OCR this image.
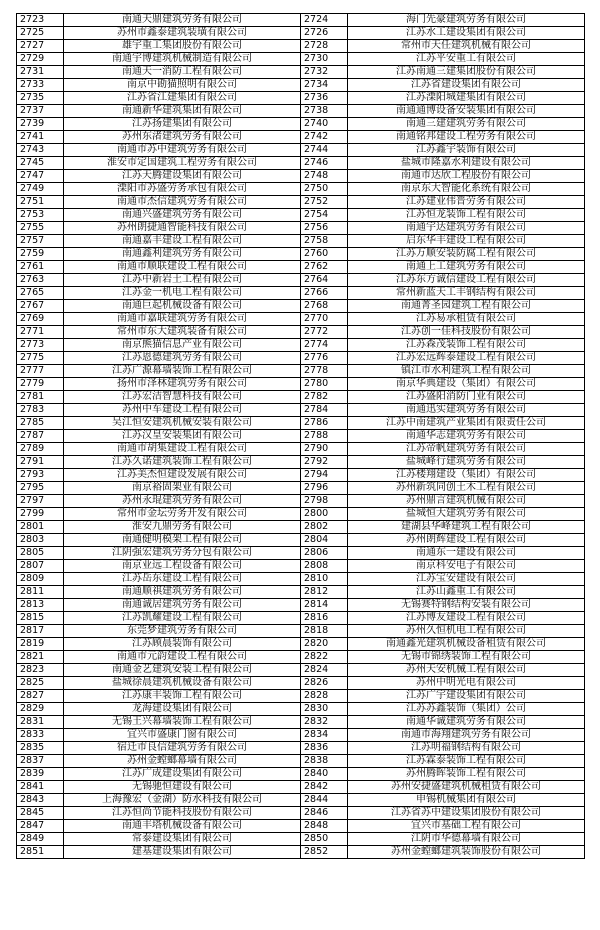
2723	南通天鼎建筑劳务有限公司	2724	海门先豪建筑劳务有限公司
2725	苏州市鑫泰建筑装璜有限公司	2726	江苏水工建设集团有限公司
2727	雄宇重工集团股份有限公司	2728	常州市天任建筑机械有限公司
2729	南通宇博建筑机械制造有限公司	2730	江苏平安重工有限公司
2731	南通天一消防工程有限公司	2732	江苏南通三建集团股份有限公司
2733	南京中勘猫照明有限公司	2734	江苏省建设集团有限公司
2735	江苏省江建集团有限公司	2736	江苏溧阳城建集团有限公司
2737	南通新华建筑集团有限公司	2738	南通通博设备安装集团有限公司
2739	江苏扬建集团有限公司	2740	南通三建建筑劳务有限公司
2741	苏州东渚建筑劳务有限公司	2742	南通铭邦建设工程劳务有限公司
2743	南通市苏中建筑劳务有限公司	2744	江苏鑫宇装饰有限公司
2745	淮安市定国建筑工程劳务有限公司	2746	盐城市隆嘉水利建设有限公司
2747	江苏天腾建设集团有限公司	2748	南通市达欣工程股份有限公司
2749	溧阳市苏盛劳务承包有限公司	2750	南京东大智能化系统有限公司
2751	南通市杰信建筑劳务有限公司	2752	江苏建业伟晋劳务有限公司
2753	南通兴盛建筑劳务有限公司	2754	江苏恒龙装饰工程有限公司
2755	苏州朗捷通智能科技有限公司	2756	南通宇达建筑劳务有限公司
2757	南通嘉丰建设工程有限公司	2758	启东华丰建设工程有限公司
2759	南通鑫利建筑劳务有限公司	2760	江苏万顺安装防腐工程有限公司
2761	南通市顺联建设工程有限公司	2762	南通上工建筑劳务有限公司
2763	江苏中新岩土工程有限公司	2764	江苏东方诚信建设工程有限公司
2765	江苏金一机电工程有限公司	2766	常州新蓝天工丰钢结构有限公司
2767	南通巨起机械设备有限公司	2768	南通菁圣园建筑工程有限公司
2769	南通市嘉联建筑劳务有限公司	2770	江苏易承租赁有限公司
2771	常州市东大建筑装备有限公司	2772	江苏创一佳科技股份有限公司
2773	南京熊猫信息产业有限公司	2774	江苏森茂装饰工程有限公司
2775	江苏恩德建筑劳务有限公司	2776	江苏宏远辉泰建设工程有限公司
2777	江苏广源幕墙装饰工程有限公司	2778	镇江市水利建筑工程有限公司
2779	扬州市泽林建筑劳务有限公司	2780	南京华典建设（集团）有限公司
2781	江苏宏洁智慧科技有限公司	2782	江苏盛阳消防门业有限公司
2783	苏州中车建设工程有限公司	2784	南通迅实建筑劳务有限公司
2785	吴江恒安建筑机械安装有限公司	2786	江苏中南建筑产业集团有限责任公司
2787	江苏汉皇安装集团有限公司	2788	南通华志建筑劳务有限公司
2789	南通市胡集建设工程有限公司	2790	江苏帝帆建筑劳务有限公司
2791	江苏久诺建筑装饰工程有限公司	2792	盐城峰行建筑劳务有限公司
2793	江苏美杰恒建设发展有限公司	2794	江苏楼翔建设（集团）有限公司
2795	南京裕固架业有限公司	2796	苏州新筑同创土木工程有限公司
2797	苏州永琨建筑劳务有限公司	2798	苏州鼎言建筑机械有限公司
2799	常州市金坛劳务开发有限公司	2800	盐城恒大建筑劳务有限公司
2801	淮安九鼎劳务有限公司	2802	建湖县华峰建筑工程有限公司
2803	南通健明模架工程有限公司	2804	苏州朗辉建设工程有限公司
2805	江阴强宏建筑劳务分包有限公司	2806	南通东一建设有限公司
2807	南京业远工程设备有限公司	2808	南京科安电子有限公司
2809	江苏岳东建设工程有限公司	2810	江苏宝安建设有限公司
2811	南通顺祺建筑劳务有限公司	2812	江苏山鑫重工有限公司
2813	南通诚居建筑劳务有限公司	2814	无锡赛特钢结构安装有限公司
2815	江苏凯耀建设工程有限公司	2816	江苏博友建设工程有限公司
2817	东莞梦建筑劳务有限公司	2818	苏州久恒机电工程有限公司
2819	江苏顾晨装饰有限公司	2820	南通鑫光建筑机械设备租赁有限公司
2821	南通市元韵建设工程有限公司	2822	无锡市锦绣装饰工程有限公司
2823	南通金艺建筑安装工程有限公司	2824	苏州天安机械工程有限公司
2825	盐城徐晨建筑机械设备有限公司	2826	苏州中明光电有限公司
2827	江苏康丰装饰工程有限公司	2828	江苏广宇建设集团有限公司
2829	龙海建设集团有限公司	2830	江苏苏鑫装饰（集团）公司
2831	无锡王兴幕墙装饰工程有限公司	2832	南通华诚建筑劳务有限公司
2833	宜兴市盛康门窗有限公司	2834	南通市海翔建筑劳务有限公司
2835	宿迁市良信建筑劳务有限公司	2836	江苏明福钢结构有限公司
2837	苏州金螳螂幕墙有限公司	2838	江苏霖泰装饰工程有限公司
2839	江苏广成建设集团有限公司	2840	苏州腾晖装饰工程有限公司
2841	无锡驰恒建设有限公司	2842	苏州安捷盛建筑机械租赁有限公司
2843	上海豫宏（金湖）防水科技有限公司	2844	申锡机械集团有限公司
2845	江苏恒尚节能科技股份有限公司	2846	江苏省苏中建设集团股份有限公司
2847	南通丰塔机械设备有限公司	2848	宜兴市基础工程有限公司
2849	常泰建设集团有限公司	2850	江阴市华德幕墙有限公司
2851	建基建设集团有限公司	2852	苏州金螳螂建筑装饰股份有限公司
